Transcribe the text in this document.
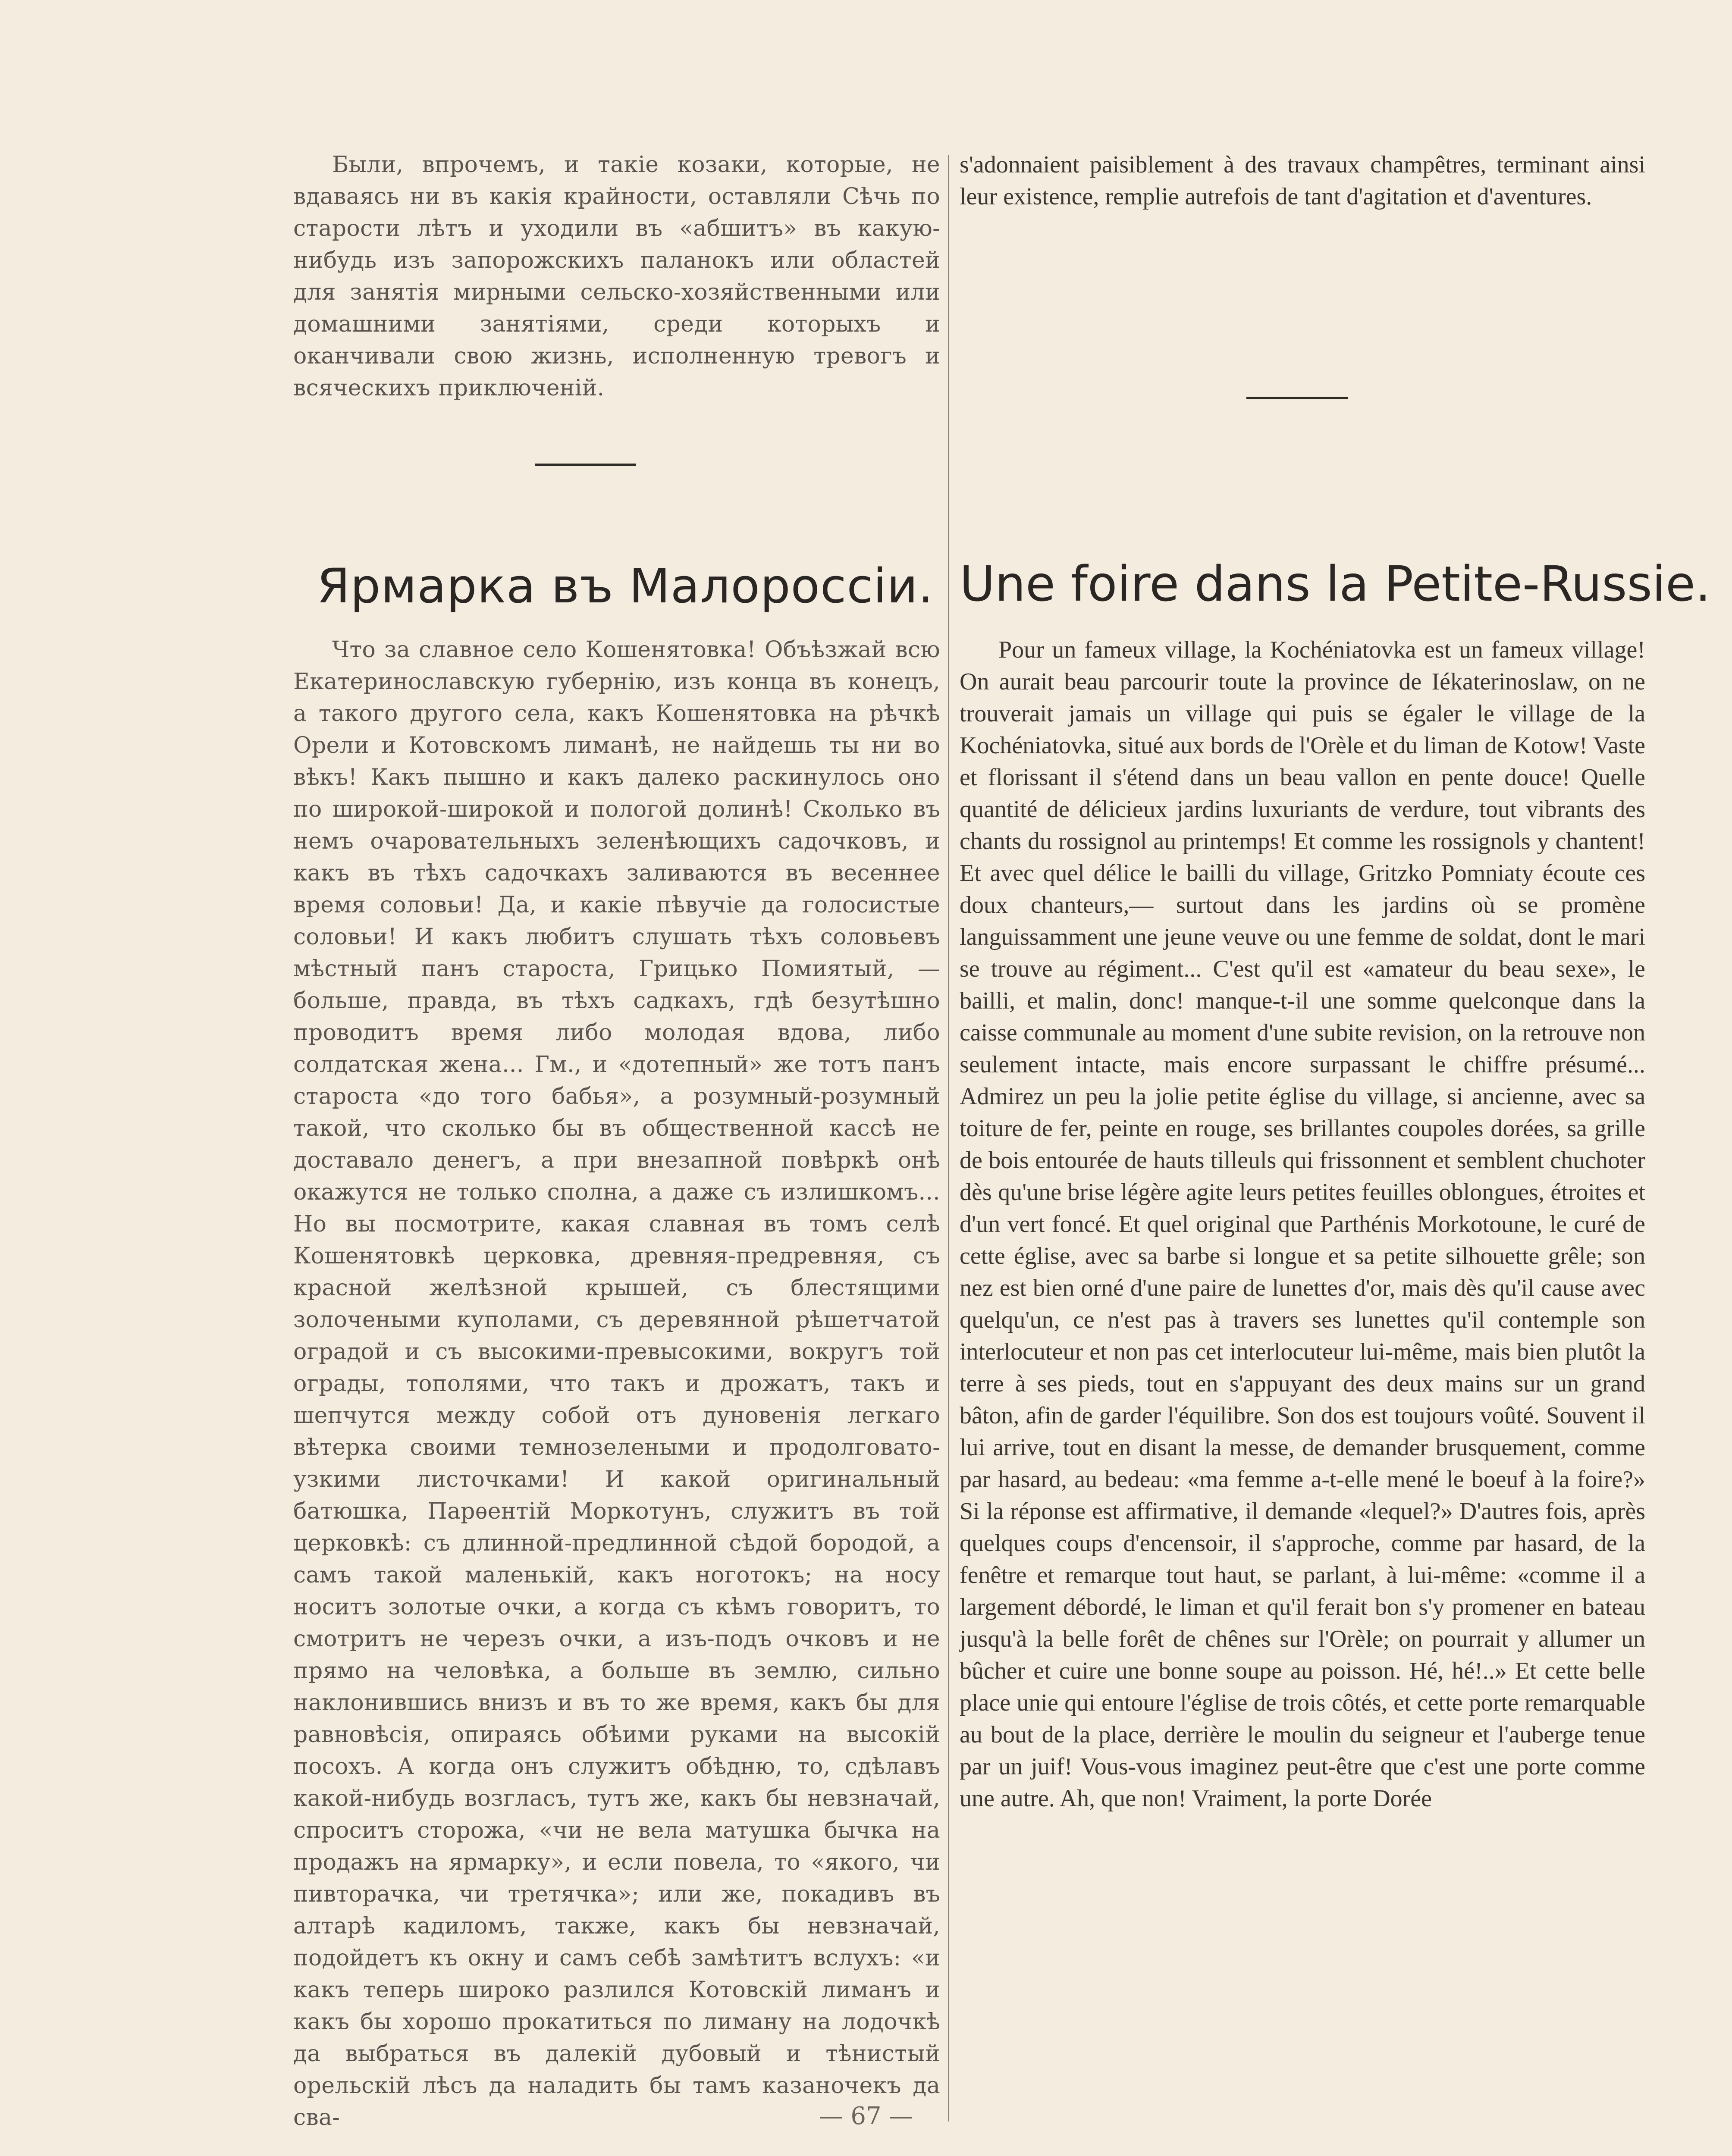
Были, впрочемъ, и такіе козаки, которые, не вдаваясь ни въ какія крайности, оставляли Сѣчь по старости лѣтъ и уходили въ «абшитъ» въ какую-нибудь изъ запорожскихъ паланокъ или областей для занятія мирными сельско-хозяйственными или домашними занятіями, среди которыхъ и оканчивали свою жизнь, исполненную тревогъ и всяческихъ приключеній.

s'adonnaient paisiblement à des travaux champêtres, terminant ainsi leur existence, remplie autrefois de tant d'agitation et d'aventures.

Ярмарка въ Малороссіи. Une foire dans la Petite-Russie.

Что за славное село Кошенятовка! Объѣзжай всю Екатеринославскую губернію, изъ конца въ конецъ, а такого другого села, какъ Кошенятовка на рѣчкѣ Орели и Котовскомъ лиманѣ, не найдешь ты ни во вѣкъ! Какъ пышно и какъ далеко раскинулось оно по широкой-широкой и пологой долинѣ! Сколько въ немъ очаровательныхъ зеленѣющихъ садочковъ, и какъ въ тѣхъ садочкахъ заливаются въ весеннее время соловьи! Да, и какіе пѣвучіе да голосистые соловьи! И какъ любитъ слушать тѣхъ соловьевъ мѣстный панъ староста, Грицько Помиятый, — больше, правда, въ тѣхъ садкахъ, гдѣ безутѣшно проводитъ время либо молодая вдова, либо солдатская жена... Гм., и «дотепный» же тотъ панъ староста «до того бабья», а розумный-розумный такой, что сколько бы въ общественной кассѣ не доставало денегъ, а при внезапной повѣркѣ онѣ окажутся не только сполна, а даже съ излишкомъ... Но вы посмотрите, какая славная въ томъ селѣ Кошенятовкѣ церковка, древняя-предревняя, съ красной желѣзной крышей, съ блестящими золочеными куполами, съ деревянной рѣшетчатой оградой и съ высокими-превысокими, вокругъ той ограды, тополями, что такъ и дрожатъ, такъ и шепчутся между собой отъ дуновенія легкаго вѣтерка своими темнозелеными и продолговато-узкими листочками! И какой оригинальный батюшка, Парѳентій Моркотунъ, служитъ въ той церковкѣ: съ длинной-предлинной сѣдой бородой, а самъ такой маленькій, какъ ноготокъ; на носу носитъ золотые очки, а когда съ кѣмъ говоритъ, то смотритъ не черезъ очки, а изъ-подъ очковъ и не прямо на человѣка, а больше въ землю, сильно наклонившись внизъ и въ то же время, какъ бы для равновѣсія, опираясь обѣими руками на высокій посохъ. А когда онъ служитъ обѣдню, то, сдѣлавъ какой-нибудь возгласъ, тутъ же, какъ бы невзначай, спроситъ сторожа, «чи не вела матушка бычка на продажъ на ярмарку», и если повела, то «якого, чи пивторачка, чи третячка»; или же, покадивъ въ алтарѣ кадиломъ, также, какъ бы невзначай, подойдетъ къ окну и самъ себѣ замѣтитъ вслухъ: «и какъ теперь широко разлился Котовскій лиманъ и какъ бы хорошо прокатиться по лиману на лодочкѣ да выбраться въ далекій дубовый и тѣнистый орельскій лѣсъ да наладить бы тамъ казаночекъ да сва-

Pour un fameux village, la Kochéniatovka est un fameux village! On aurait beau parcourir toute la province de Iékaterinoslaw, on ne trouverait jamais un village qui puis se égaler le village de la Kochéniatovka, situé aux bords de l'Orèle et du liman de Kotow! Vaste et florissant il s'étend dans un beau vallon en pente douce! Quelle quantité de délicieux jardins luxuriants de verdure, tout vibrants des chants du rossignol au printemps! Et comme les rossignols y chantent! Et avec quel délice le bailli du village, Gritzko Pomniaty écoute ces doux chanteurs,— surtout dans les jardins où se promène languissamment une jeune veuve ou une femme de soldat, dont le mari se trouve au régiment... C'est qu'il est «amateur du beau sexe», le bailli, et malin, donc! manque-t-il une somme quelconque dans la caisse communale au moment d'une subite revision, on la retrouve non seulement intacte, mais encore surpassant le chiffre présumé... Admirez un peu la jolie petite église du village, si ancienne, avec sa toiture de fer, peinte en rouge, ses brillantes coupoles dorées, sa grille de bois entourée de hauts tilleuls qui frissonnent et semblent chuchoter dès qu'une brise légère agite leurs petites feuilles oblongues, étroites et d'un vert foncé. Et quel original que Parthénis Morkotoune, le curé de cette église, avec sa barbe si longue et sa petite silhouette grêle; son nez est bien orné d'une paire de lunettes d'or, mais dès qu'il cause avec quelqu'un, ce n'est pas à travers ses lunettes qu'il contemple son interlocuteur et non pas cet interlocuteur lui-même, mais bien plutôt la terre à ses pieds, tout en s'appuyant des deux mains sur un grand bâton, afin de garder l'équilibre. Son dos est toujours voûté. Souvent il lui arrive, tout en disant la messe, de demander brusquement, comme par hasard, au bedeau: «ma femme a-t-elle mené le boeuf à la foire?» Si la réponse est affirmative, il demande «lequel?» D'autres fois, après quelques coups d'encensoir, il s'approche, comme par hasard, de la fenêtre et remarque tout haut, se parlant, à lui-même: «comme il a largement débordé, le liman et qu'il ferait bon s'y promener en bateau jusqu'à la belle forêt de chênes sur l'Orèle; on pourrait y allumer un bûcher et cuire une bonne soupe au poisson. Hé, hé!..» Et cette belle place unie qui entoure l'église de trois côtés, et cette porte remarquable au bout de la place, derrière le moulin du seigneur et l'auberge tenue par un juif! Vous-vous imaginez peut-être que c'est une porte comme une autre. Ah, que non! Vraiment, la porte Dorée

— 67 —
